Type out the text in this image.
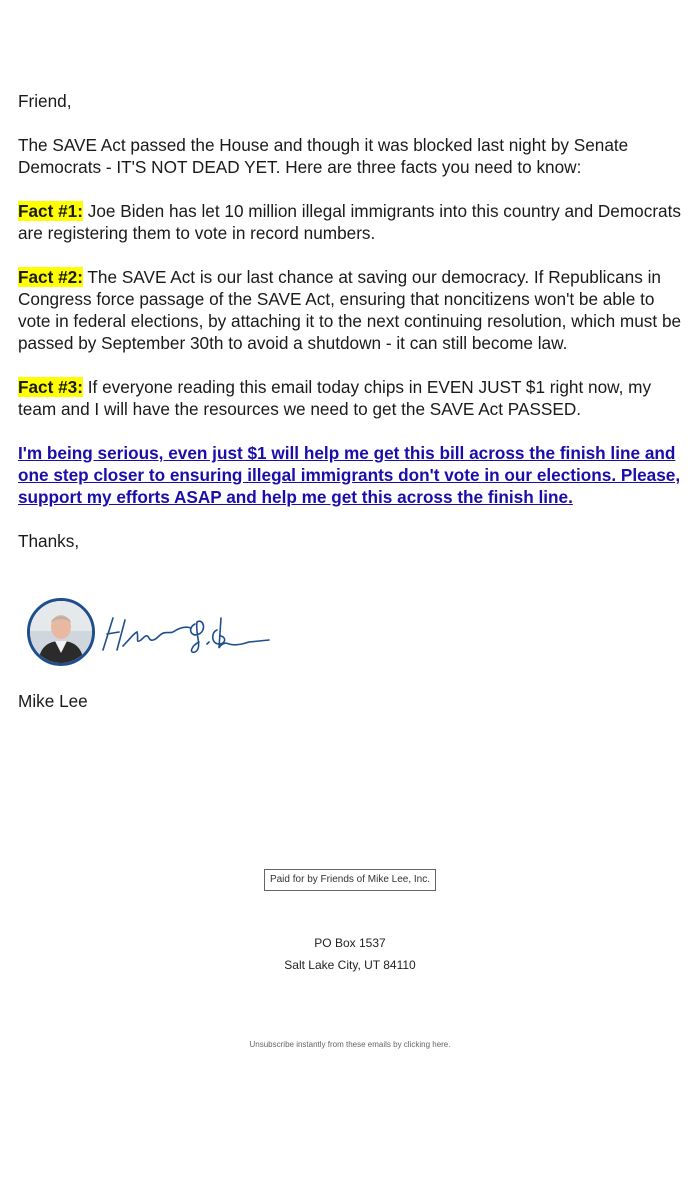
Friend,

The SAVE Act passed the House and though it was blocked last night by Senate Democrats - IT'S NOT DEAD YET. Here are three facts you need to know:

Fact #1: Joe Biden has let 10 million illegal immigrants into this country and Democrats are registering them to vote in record numbers.

Fact #2: The SAVE Act is our last chance at saving our democracy. If Republicans in Congress force passage of the SAVE Act, ensuring that noncitizens won't be able to vote in federal elections, by attaching it to the next continuing resolution, which must be passed by September 30th to avoid a shutdown - it can still become law.

Fact #3: If everyone reading this email today chips in EVEN JUST $1 right now, my team and I will have the resources we need to get the SAVE Act PASSED.

I'm being serious, even just $1 will help me get this bill across the finish line and one step closer to ensuring illegal immigrants don't vote in our elections. Please, support my efforts ASAP and help me get this across the finish line.

Thanks,

Mike Lee
Paid for by Friends of Mike Lee, Inc.
PO Box 1537
Salt Lake City, UT 84110
Unsubscribe instantly from these emails by clicking here.
